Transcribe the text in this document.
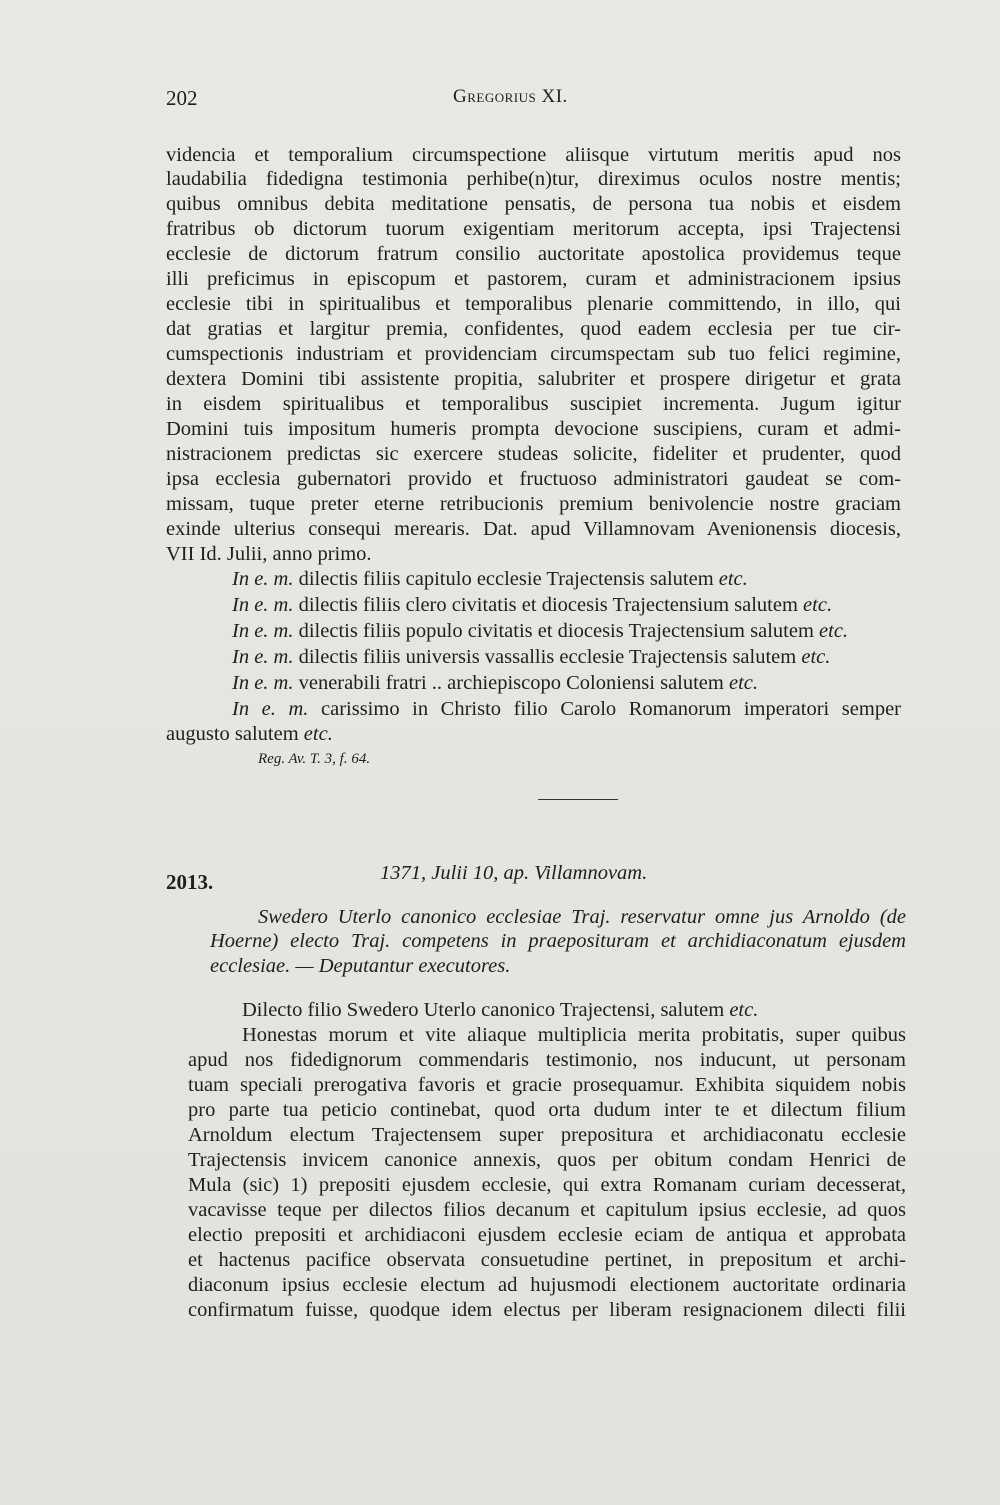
202	Gregorius XI.
videncia et temporalium circumspectione aliisque virtutum meritis apud nos
laudabilia fidedigna testimonia perhibe(n)tur, direximus oculos nostre mentis;
quibus omnibus debita meditatione pensatis, de persona tua nobis et eisdem
fratribus ob dictorum tuorum exigentiam meritorum accepta, ipsi Trajectensi
ecclesie de dictorum fratrum consilio auctoritate apostolica providemus teque
illi preficimus in episcopum et pastorem, curam et administracionem ipsius
ecclesie tibi in spiritualibus et temporalibus plenarie committendo, in illo, qui
dat gratias et largitur premia, confidentes, quod eadem ecclesia per tue cir-
cumspectionis industriam et providenciam circumspectam sub tuo felici regimine,
dextera Domini tibi assistente propitia, salubriter et prospere dirigetur et grata
in eisdem spiritualibus et temporalibus suscipiet incrementa. Jugum igitur
Domini tuis impositum humeris prompta devocione suscipiens, curam et admi-
nistracionem predictas sic exercere studeas solicite, fideliter et prudenter, quod
ipsa ecclesia gubernatori provido et fructuoso administratori gaudeat se com-
missam, tuque preter eterne retribucionis premium benivolencie nostre graciam
exinde ulterius consequi merearis. Dat. apud Villamnovam Avenionensis diocesis,
VII Id. Julii, anno primo.
In e. m. dilectis filiis capitulo ecclesie Trajectensis salutem etc.
In e. m. dilectis filiis clero civitatis et diocesis Trajectensium salutem etc.
In e. m. dilectis filiis populo civitatis et diocesis Trajectensium salutem etc.
In e. m. dilectis filiis universis vassallis ecclesie Trajectensis salutem etc.
In e. m. venerabili fratri .. archiepiscopo Coloniensi salutem etc.
In e. m. carissimo in Christo filio Carolo Romanorum imperatori semper
augusto salutem etc.
Reg. Av. T. 3, f. 64.
2013.	1371, Julii 10, ap. Villamnovam.
Swedero Uterlo canonico ecclesiae Traj. reservatur omne jus Arnoldo (de
Hoerne) electo Traj. competens in praeposituram et archidiaconatum ejusdem
ecclesiae. — Deputantur executores.
Dilecto filio Swedero Uterlo canonico Trajectensi, salutem etc.
Honestas morum et vite aliaque multiplicia merita probitatis, super quibus
apud nos fidedignorum commendaris testimonio, nos inducunt, ut personam
tuam speciali prerogativa favoris et gracie prosequamur. Exhibita siquidem nobis
pro parte tua peticio continebat, quod orta dudum inter te et dilectum filium
Arnoldum electum Trajectensem super prepositura et archidiaconatu ecclesie
Trajectensis invicem canonice annexis, quos per obitum condam Henrici de
Mula (sic) 1) prepositi ejusdem ecclesie, qui extra Romanam curiam decesserat,
vacavisse teque per dilectos filios decanum et capitulum ipsius ecclesie, ad quos
electio prepositi et archidiaconi ejusdem ecclesie eciam de antiqua et approbata
et hactenus pacifice observata consuetudine pertinet, in prepositum et archi-
diaconum ipsius ecclesie electum ad hujusmodi electionem auctoritate ordinaria
confirmatum fuisse, quodque idem electus per liberam resignacionem dilecti filii
